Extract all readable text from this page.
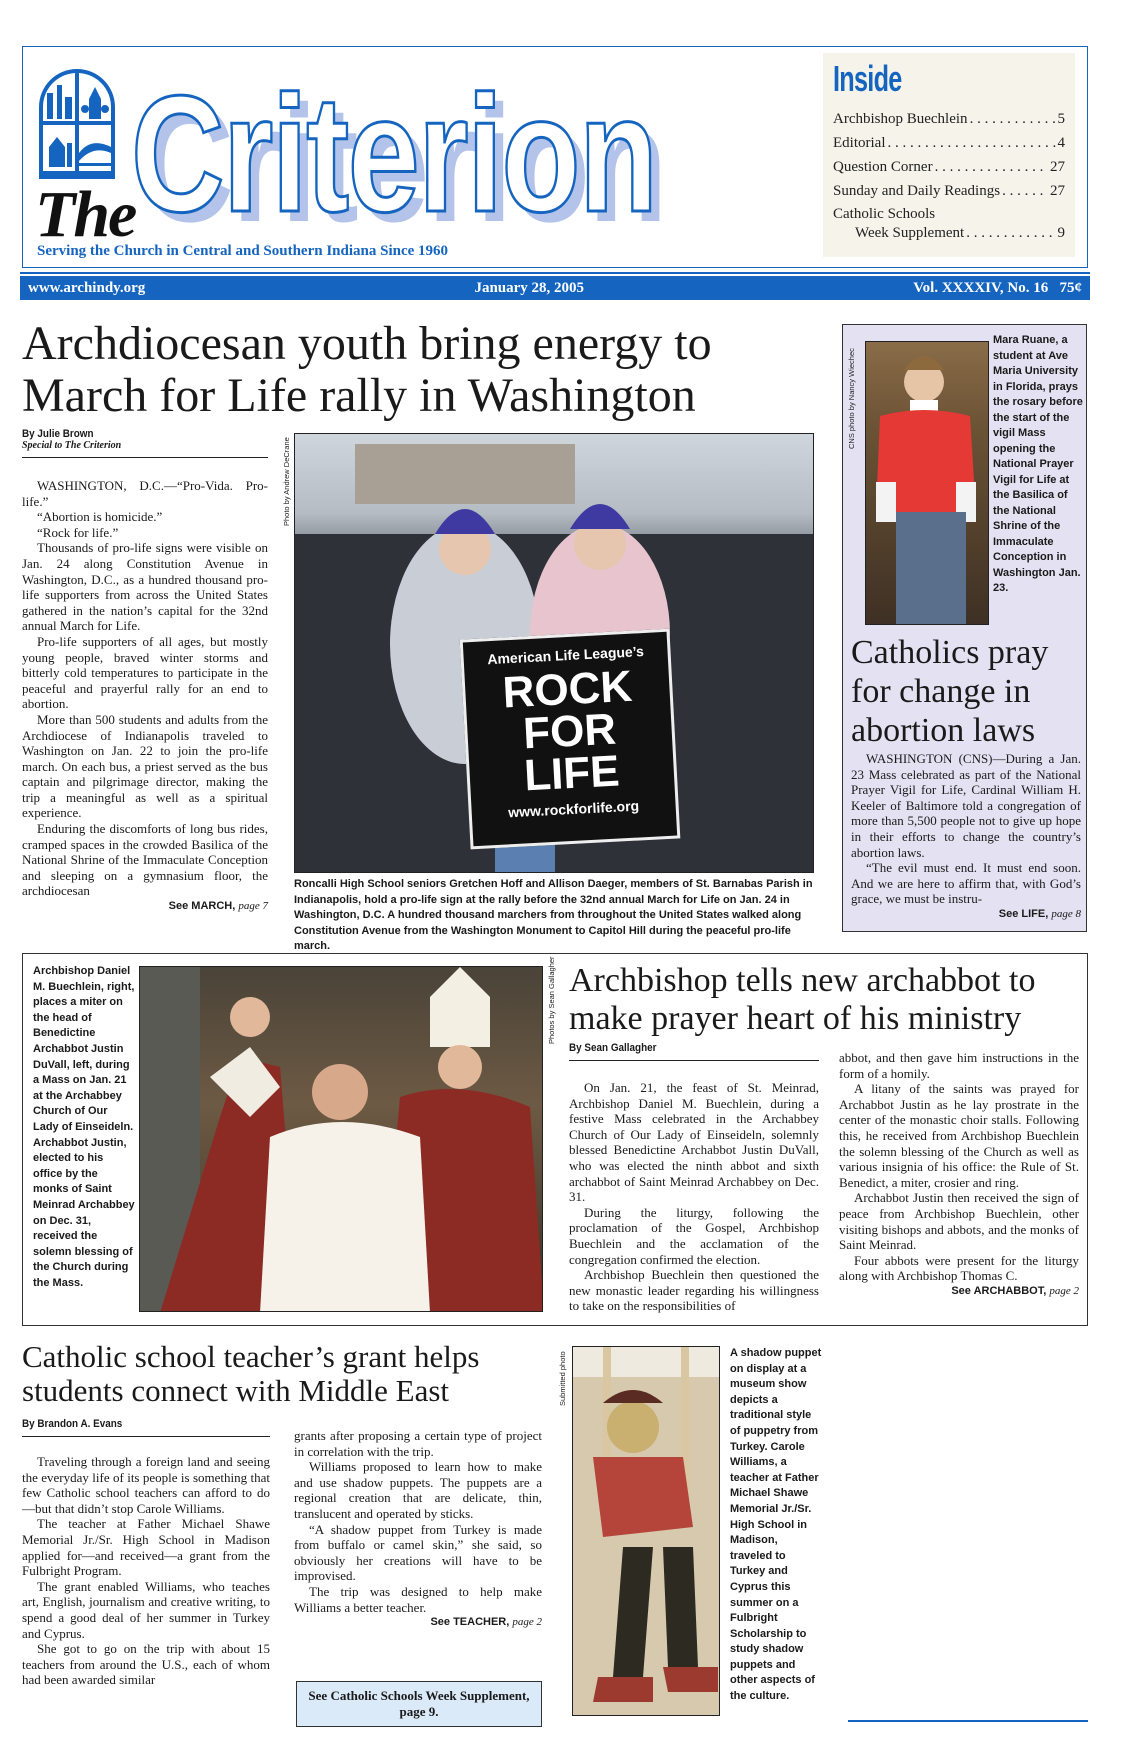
Criterion
The
Serving the Church in Central and Southern Indiana Since 1960
Inside
Archbishop Buechlein . . .	5
Editorial . . .	4
Question Corner . . .	27
Sunday and Daily Readings . . .	27
Catholic Schools
Week Supplement . . .	9
www.archindy.org	January 28, 2005	Vol. XXXXIV, No. 16 75¢
Archdiocesan youth bring energy to March for Life rally in Washington
By Julie Brown
Special to The Criterion

WASHINGTON, D.C.—“Pro-Vida. Pro-life.”

“Abortion is homicide.”

“Rock for life.”

Thousands of pro-life signs were visible on Jan. 24 along Constitution Avenue in Washington, D.C., as a hundred thousand pro-life supporters from across the United States gathered in the nation’s capital for the 32nd annual March for Life.

Pro-life supporters of all ages, but mostly young people, braved winter storms and bitterly cold temperatures to participate in the peaceful and prayerful rally for an end to abortion.

More than 500 students and adults from the Archdiocese of Indianapolis traveled to Washington on Jan. 22 to join the pro-life march. On each bus, a priest served as the bus captain and pilgrimage director, making the trip a meaningful as well as a spiritual experience.

Enduring the discomforts of long bus rides, cramped spaces in the crowded Basilica of the National Shrine of the Immaculate Conception and sleeping on a gymnasium floor, the archdiocesan

See MARCH, page 7
Photo by Andrew DeCrane
American Life League’s
ROCK
FOR
LIFE
www.rockforlife.org
Roncalli High School seniors Gretchen Hoff and Allison Daeger, members of St. Barnabas Parish in Indianapolis, hold a pro-life sign at the rally before the 32nd annual March for Life on Jan. 24 in Washington, D.C. A hundred thousand marchers from throughout the United States walked along Constitution Avenue from the Washington Monument to Capitol Hill during the peaceful pro-life march.
CNS photo by Nancy Wiechec
Mara Ruane, a student at Ave Maria University in Florida, prays the rosary before the start of the vigil Mass opening the National Prayer Vigil for Life at the Basilica of the National Shrine of the Immaculate Conception in Washington Jan. 23.
Catholics pray for change in abortion laws

WASHINGTON (CNS)—During a Jan. 23 Mass celebrated as part of the National Prayer Vigil for Life, Cardinal William H. Keeler of Baltimore told a congregation of more than 5,500 people not to give up hope in their efforts to change the country’s abortion laws.

“The evil must end. It must end soon. And we are here to affirm that, with God’s grace, we must be instru-

See LIFE, page 8
Archbishop Daniel M. Buechlein, right, places a miter on the head of Benedictine Archabbot Justin DuVall, left, during a Mass on Jan. 21 at the Archabbey Church of Our Lady of Einseideln. Archabbot Justin, elected to his office by the monks of Saint Meinrad Archabbey on Dec. 31, received the solemn blessing of the Church during the Mass.
Photos by Sean Gallagher Archbishop tells new archabbot to make prayer heart of his ministry
By Sean Gallagher

On Jan. 21, the feast of St. Meinrad, Archbishop Daniel M. Buechlein, during a festive Mass celebrated in the Archabbey Church of Our Lady of Einseideln, solemnly blessed Benedictine Archabbot Justin DuVall, who was elected the ninth abbot and sixth archabbot of Saint Meinrad Archabbey on Dec. 31.

During the liturgy, following the proclamation of the Gospel, Archbishop Buechlein and the acclamation of the congregation confirmed the election.

Archbishop Buechlein then questioned the new monastic leader regarding his willingness to take on the responsibilities of

abbot, and then gave him instructions in the form of a homily.

A litany of the saints was prayed for Archabbot Justin as he lay prostrate in the center of the monastic choir stalls. Following this, he received from Archbishop Buechlein the solemn blessing of the Church as well as various insignia of his office: the Rule of St. Benedict, a miter, crosier and ring.

Archabbot Justin then received the sign of peace from Archbishop Buechlein, other visiting bishops and abbots, and the monks of Saint Meinrad.

Four abbots were present for the liturgy along with Archbishop Thomas C.

See ARCHABBOT, page 2
Catholic school teacher’s grant helps students connect with Middle East
By Brandon A. Evans

Traveling through a foreign land and seeing the everyday life of its people is something that few Catholic school teachers can afford to do—but that didn’t stop Carole Williams.

The teacher at Father Michael Shawe Memorial Jr./Sr. High School in Madison applied for—and received—a grant from the Fulbright Program.

The grant enabled Williams, who teaches art, English, journalism and creative writing, to spend a good deal of her summer in Turkey and Cyprus.

She got to go on the trip with about 15 teachers from around the U.S., each of whom had been awarded similar

grants after proposing a certain type of project in correlation with the trip.

Williams proposed to learn how to make and use shadow puppets. The puppets are a regional creation that are delicate, thin, translucent and operated by sticks.

“A shadow puppet from Turkey is made from buffalo or camel skin,” she said, so obviously her creations will have to be improvised.

The trip was designed to help make Williams a better teacher.

See TEACHER, page 2
See Catholic Schools Week Supplement, page 9.
Submitted photo	A shadow puppet on display at a museum show depicts a traditional style of puppetry from Turkey. Carole Williams, a teacher at Father Michael Shawe Memorial Jr./Sr. High School in Madison, traveled to Turkey and Cyprus this summer on a Fulbright Scholarship to study shadow puppets and other aspects of the culture.
